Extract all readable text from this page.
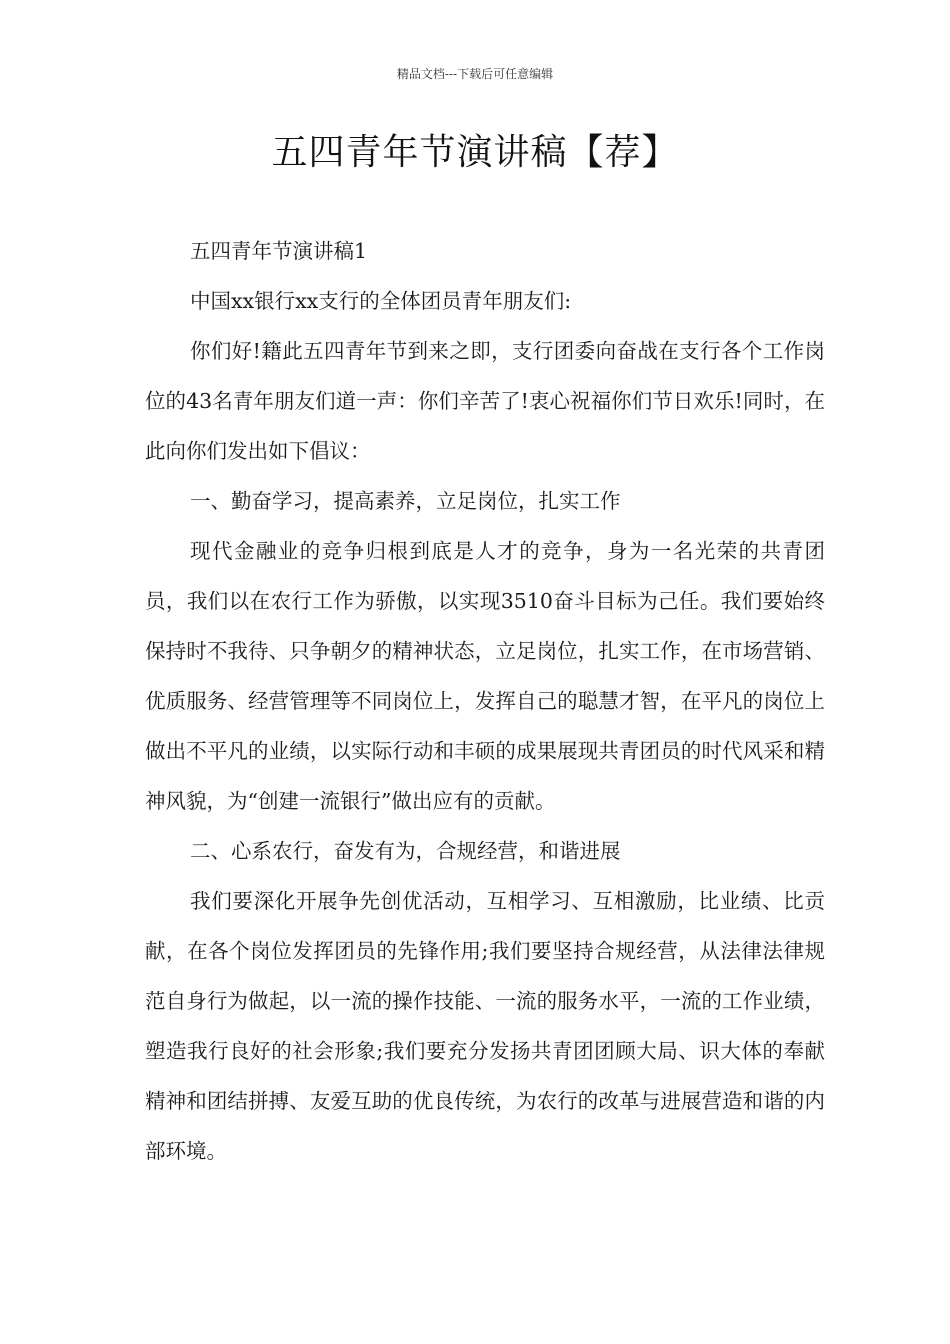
精品文档---下载后可任意编辑
五四青年节演讲稿【荐】

五四青年节演讲稿1

中国xx银行xx支行的全体团员青年朋友们:

你们好!籍此五四青年节到来之即，支行团委向奋战在支行各个工作岗位的43名青年朋友们道一声：你们辛苦了!衷心祝福你们节日欢乐!同时，在此向你们发出如下倡议：

一、勤奋学习，提高素养，立足岗位，扎实工作

现代金融业的竞争归根到底是人才的竞争，身为一名光荣的共青团员，我们以在农行工作为骄傲，以实现3510奋斗目标为己任。我们要始终保持时不我待、只争朝夕的精神状态，立足岗位，扎实工作，在市场营销、优质服务、经营管理等不同岗位上，发挥自己的聪慧才智，在平凡的岗位上做出不平凡的业绩，以实际行动和丰硕的成果展现共青团员的时代风采和精神风貌，为“创建一流银行”做出应有的贡献。

二、心系农行，奋发有为，合规经营，和谐进展

我们要深化开展争先创优活动，互相学习、互相激励，比业绩、比贡献，在各个岗位发挥团员的先锋作用;我们要坚持合规经营，从法律法律规范自身行为做起，以一流的操作技能、一流的服务水平，一流的工作业绩，塑造我行良好的社会形象;我们要充分发扬共青团团顾大局、识大体的奉献精神和团结拼搏、友爱互助的优良传统，为农行的改革与进展营造和谐的内部环境。
